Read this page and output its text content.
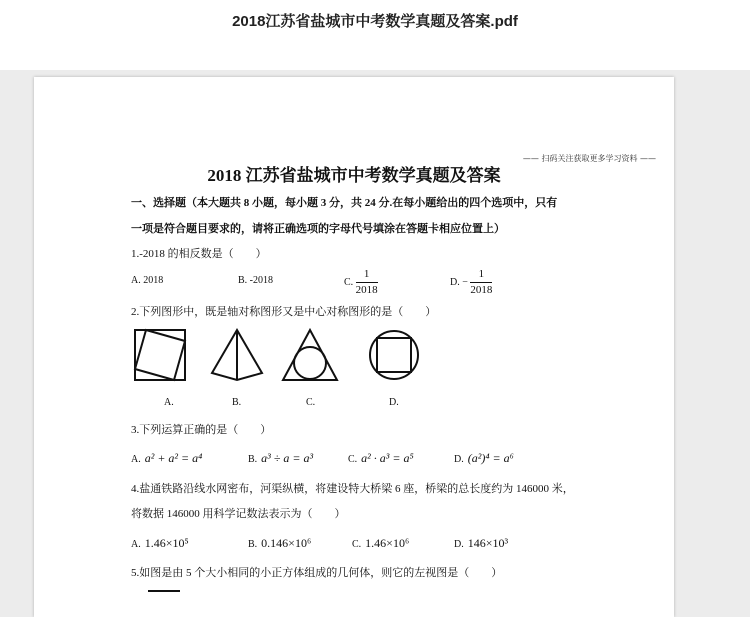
2018江苏省盐城市中考数学真题及答案.pdf
—— 扫码关注获取更多学习资料 ——
2018 江苏省盐城市中考数学真题及答案
一、选择题（本大题共 8 小题，每小题 3 分，共 24 分.在每小题给出的四个选项中，只有
一项是符合题目要求的，请将正确选项的字母代号填涂在答题卡相应位置上）
1.-2018 的相反数是（　　）
A. 2018	B. -2018	C. $\frac{1}{2018}$	D. − $\frac{1}{2018}$
2.下列图形中，既是轴对称图形又是中心对称图形的是（　　）
A.	B.	C.	D.
3.下列运算正确的是（　　）
A. a² + a² = a⁴	B. a³ ÷ a = a³	C. a² · a³ = a⁵	D. (a²)⁴ = a⁶
4.盐通铁路沿线水网密布，河渠纵横，将建设特大桥梁 6 座，桥梁的总长度约为 146000 米，
将数据 146000 用科学记数法表示为（　　）
A. 1.46×10⁵	B. 0.146×10⁶	C. 1.46×10⁶	D. 146×10³
5.如图是由 5 个大小相同的小正方体组成的几何体，则它的左视图是（　　）
